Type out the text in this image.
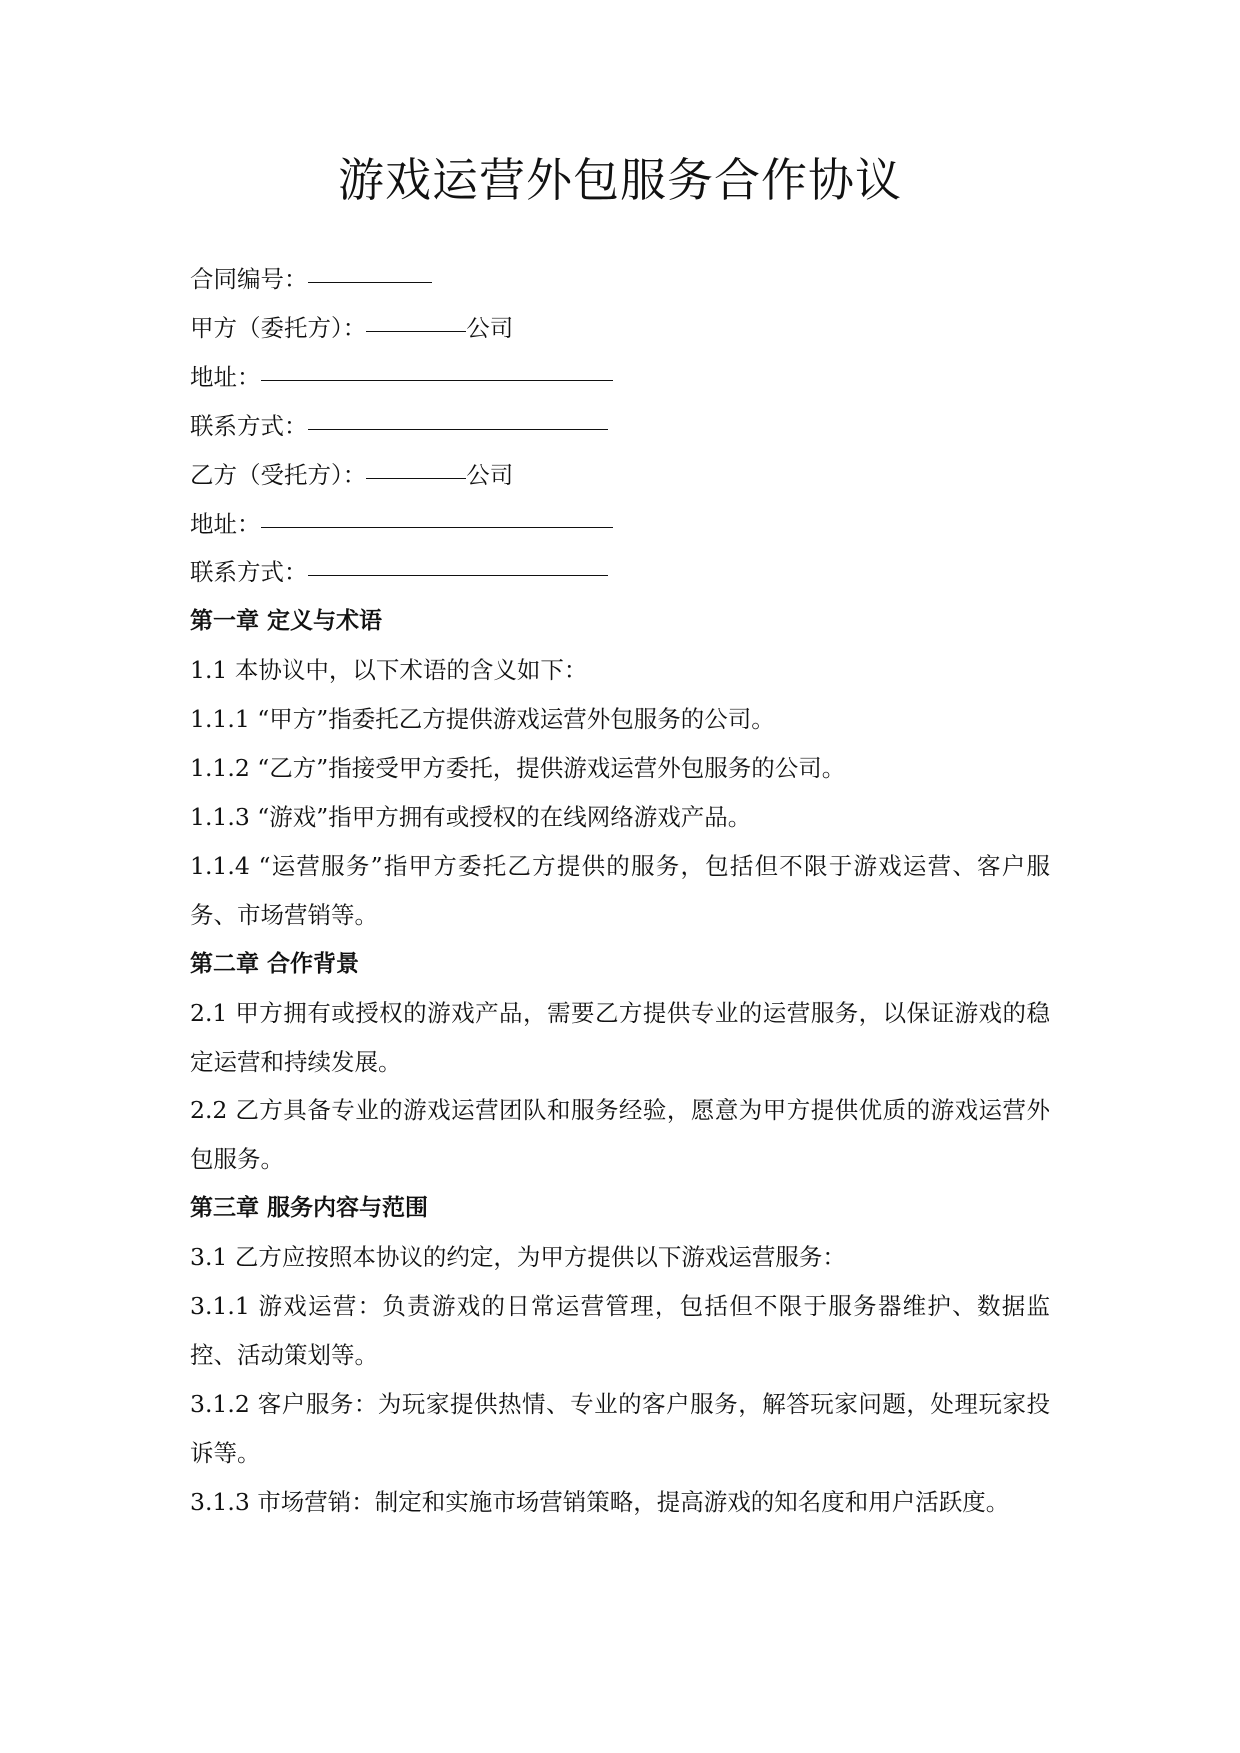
游戏运营外包服务合作协议

合同编号：

甲方（委托方）：	公司

地址：

联系方式：

乙方（受托方）：	公司

地址：

联系方式：

第一章 定义与术语

1.1 本协议中，以下术语的含义如下：

1.1.1 “甲方”指委托乙方提供游戏运营外包服务的公司。

1.1.2 “乙方”指接受甲方委托，提供游戏运营外包服务的公司。

1.1.3 “游戏”指甲方拥有或授权的在线网络游戏产品。

1.1.4 “运营服务”指甲方委托乙方提供的服务，包括但不限于游戏运营、客户服务、市场营销等。

第二章 合作背景

2.1 甲方拥有或授权的游戏产品，需要乙方提供专业的运营服务，以保证游戏的稳定运营和持续发展。

2.2 乙方具备专业的游戏运营团队和服务经验，愿意为甲方提供优质的游戏运营外包服务。

第三章 服务内容与范围

3.1 乙方应按照本协议的约定，为甲方提供以下游戏运营服务：

3.1.1 游戏运营：负责游戏的日常运营管理，包括但不限于服务器维护、数据监控、活动策划等。

3.1.2 客户服务：为玩家提供热情、专业的客户服务，解答玩家问题，处理玩家投诉等。

3.1.3 市场营销：制定和实施市场营销策略，提高游戏的知名度和用户活跃度。
